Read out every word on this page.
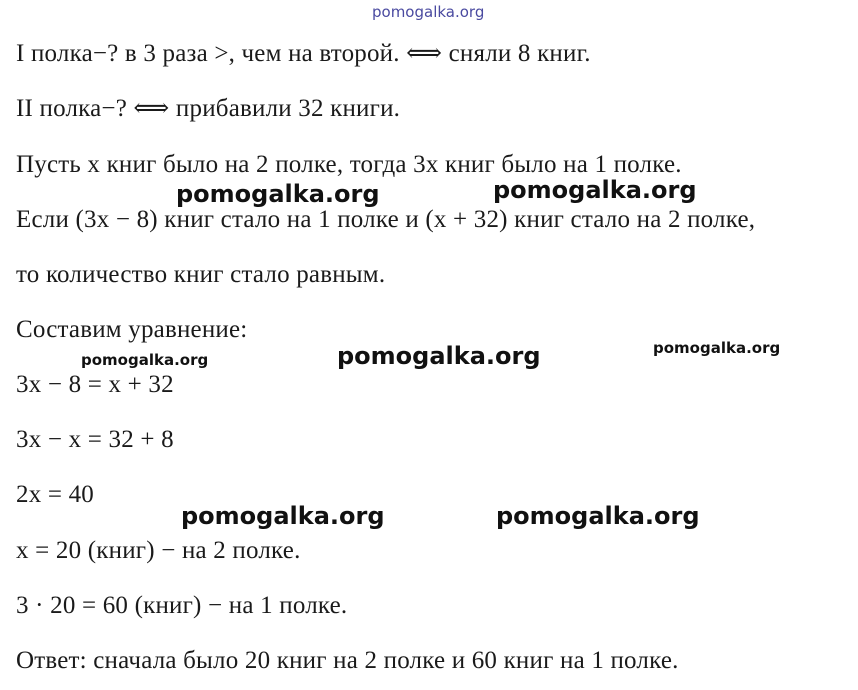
pomogalka.org
I полка−? в 3 раза >, чем на второй. ⟺ сняли 8 книг.
II полка−? ⟺ прибавили 32 книги.
Пусть x книг было на 2 полке, тогда 3x книг было на 1 полке.
Если (3x − 8) книг стало на 1 полке и (x + 32) книг стало на 2 полке,
то количество книг стало равным.
Составим уравнение:
3x − 8 = x + 32
3x − x = 32 + 8
2x = 40
x = 20 (книг) − на 2 полке.
3 · 20 = 60 (книг) − на 1 полке.
Ответ: сначала было 20 книг на 2 полке и 60 книг на 1 полке.
pomogalka.org	pomogalka.org
pomogalka.org	pomogalka.org	pomogalka.org
pomogalka.org	pomogalka.org
